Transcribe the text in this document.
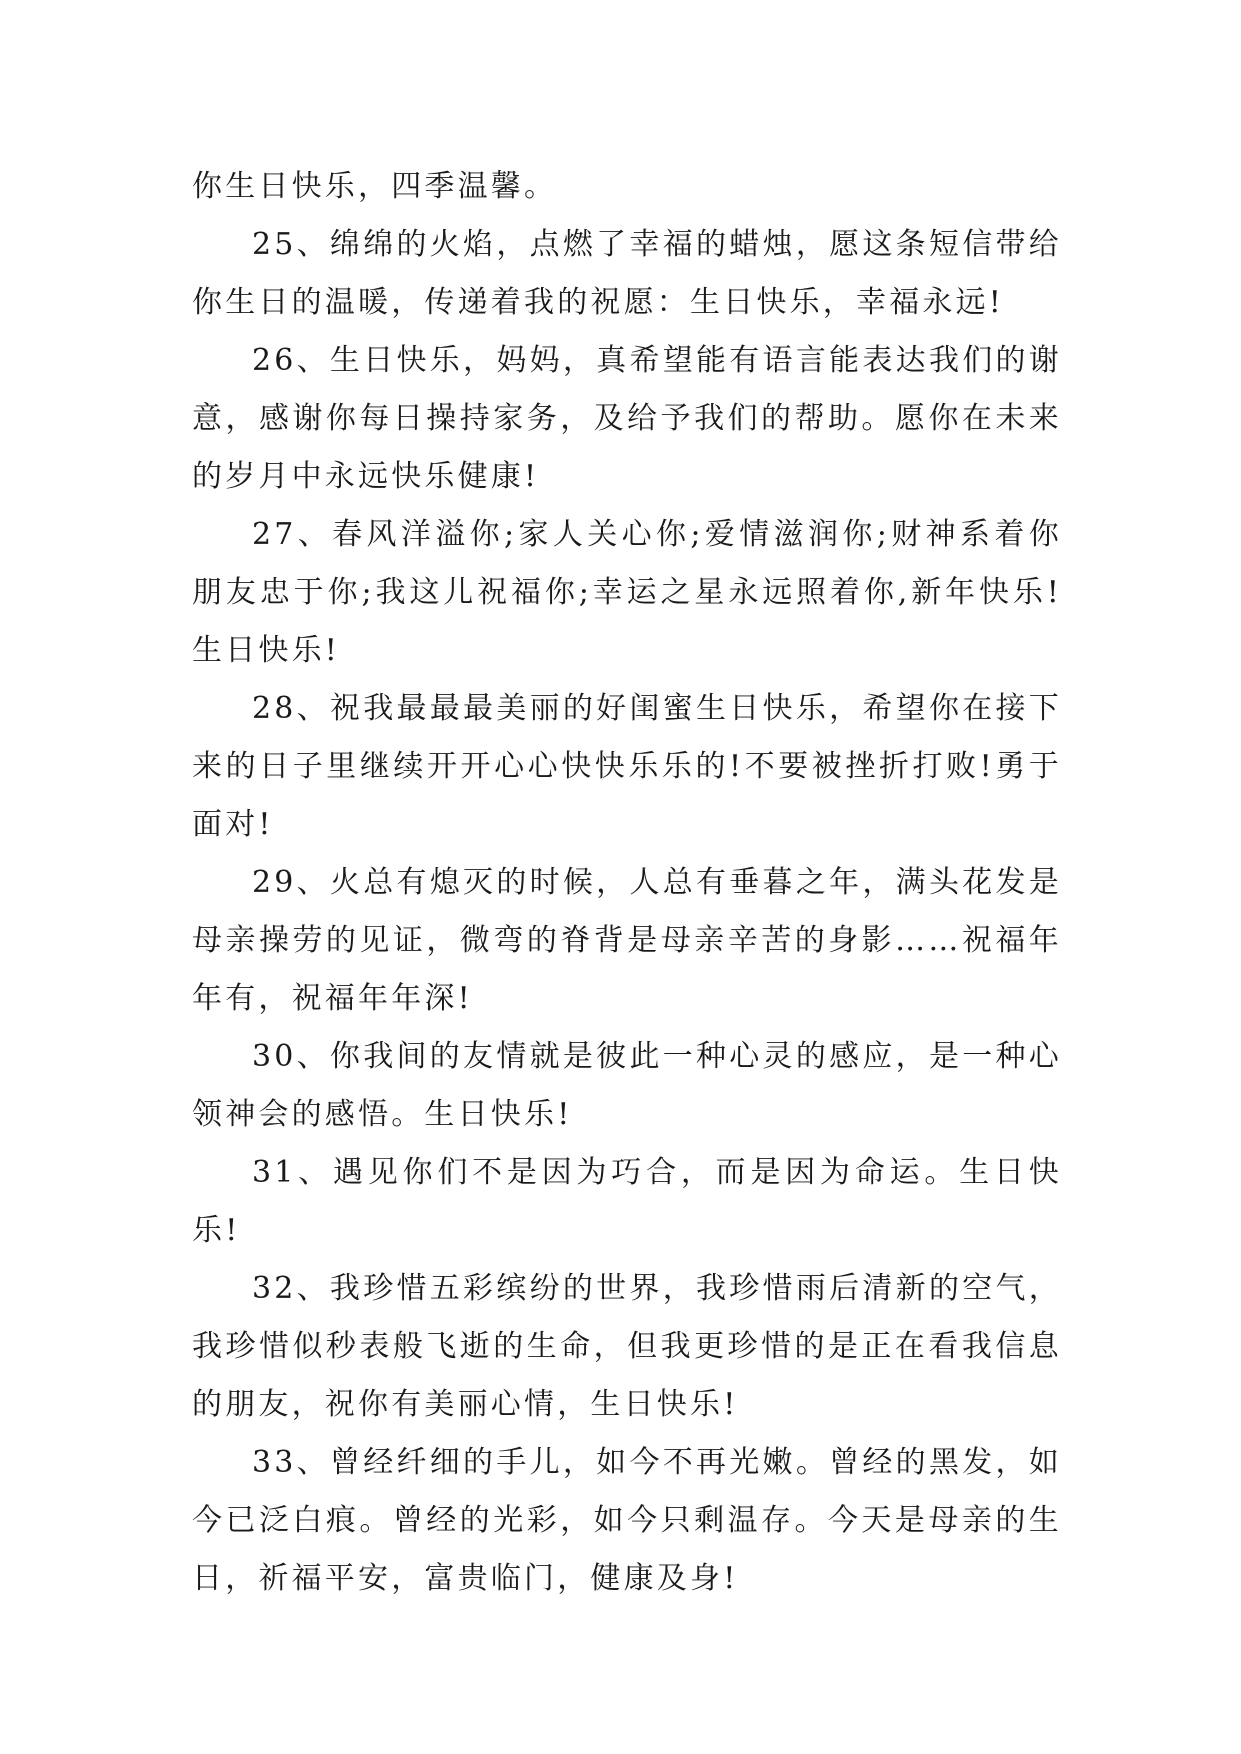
你生日快乐，四季温馨。

25、绵绵的火焰，点燃了幸福的蜡烛，愿这条短信带给你生日的温暖，传递着我的祝愿：生日快乐，幸福永远!

26、生日快乐，妈妈，真希望能有语言能表达我们的谢意，感谢你每日操持家务，及给予我们的帮助。愿你在未来的岁月中永远快乐健康!

27、春风洋溢你;家人关心你;爱情滋润你;财神系着你朋友忠于你;我这儿祝福你;幸运之星永远照着你,新年快乐!生日快乐!

28、祝我最最最美丽的好闺蜜生日快乐，希望你在接下来的日子里继续开开心心快快乐乐的!不要被挫折打败!勇于面对!

29、火总有熄灭的时候，人总有垂暮之年，满头花发是母亲操劳的见证，微弯的脊背是母亲辛苦的身影……祝福年年有，祝福年年深!

30、你我间的友情就是彼此一种心灵的感应，是一种心领神会的感悟。生日快乐!

31、遇见你们不是因为巧合，而是因为命运。生日快乐!

32、我珍惜五彩缤纷的世界，我珍惜雨后清新的空气，我珍惜似秒表般飞逝的生命，但我更珍惜的是正在看我信息的朋友，祝你有美丽心情，生日快乐!

33、曾经纤细的手儿，如今不再光嫩。曾经的黑发，如今已泛白痕。曾经的光彩，如今只剩温存。今天是母亲的生日，祈福平安，富贵临门，健康及身!
